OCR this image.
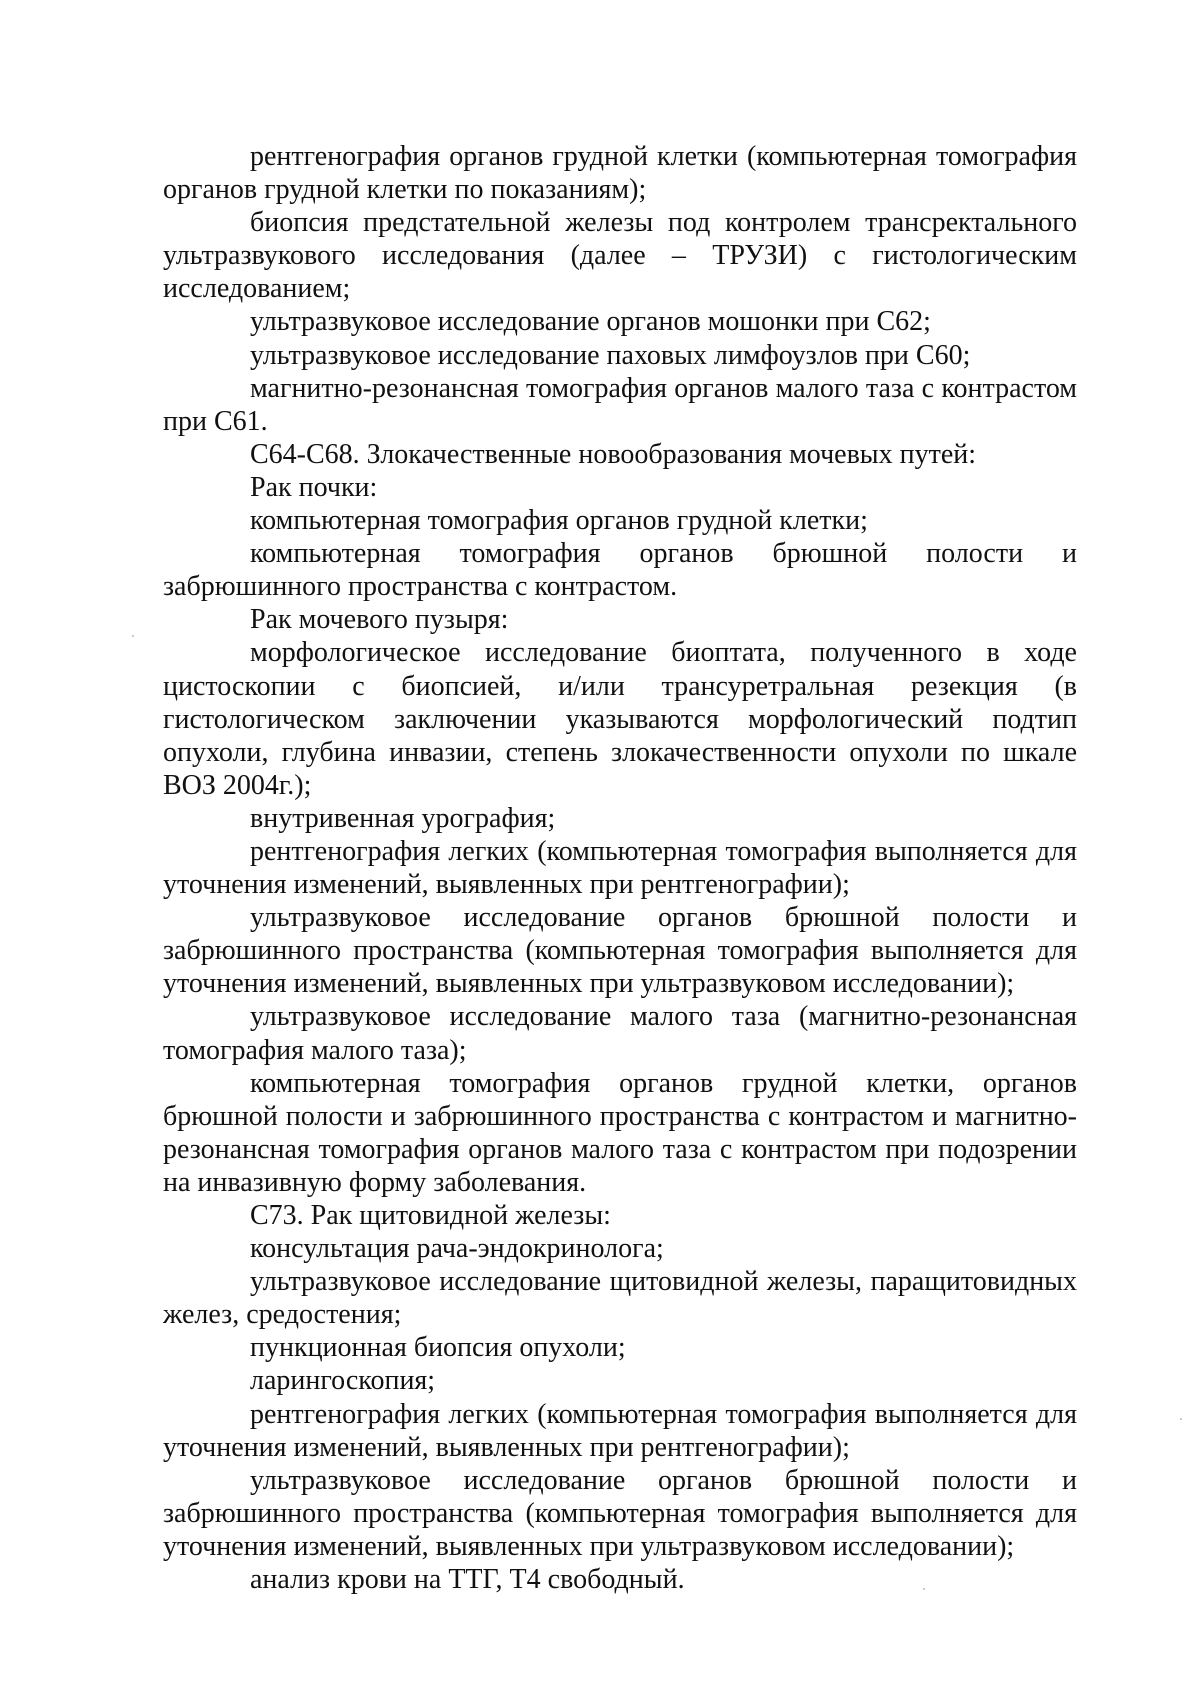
рентгенография органов грудной клетки (компьютерная томография органов грудной клетки по показаниям);

биопсия предстательной железы под контролем трансректального ультразвукового исследования (далее – ТРУЗИ) с гистологическим исследованием;

ультразвуковое исследование органов мошонки при С62;

ультразвуковое исследование паховых лимфоузлов при С60;

магнитно-резонансная томография органов малого таза с контрастом при С61.

С64-С68. Злокачественные новообразования мочевых путей:

Рак почки:

компьютерная томография органов грудной клетки;

компьютерная томография органов брюшной полости и забрюшинного пространства с контрастом.

Рак мочевого пузыря:

морфологическое исследование биоптата, полученного в ходе цистоскопии с биопсией, и/или трансуретральная резекция (в гистологическом заключении указываются морфологический подтип опухоли, глубина инвазии, степень злокачественности опухоли по шкале ВОЗ 2004г.);

внутривенная урография;

рентгенография легких (компьютерная томография выполняется для уточнения изменений, выявленных при рентгенографии);

ультразвуковое исследование органов брюшной полости и забрюшинного пространства (компьютерная томография выполняется для уточнения изменений, выявленных при ультразвуковом исследовании);

ультразвуковое исследование малого таза (магнитно-резонансная томография малого таза);

компьютерная томография органов грудной клетки, органов брюшной полости и забрюшинного пространства с контрастом и магнитно-резонансная томография органов малого таза с контрастом при подозрении на инвазивную форму заболевания.

С73. Рак щитовидной железы:

консультация рача-эндокринолога;

ультразвуковое исследование щитовидной железы, паращитовидных желез, средостения;

пункционная биопсия опухоли;

ларингоскопия;

рентгенография легких (компьютерная томография выполняется для уточнения изменений, выявленных при рентгенографии);

ультразвуковое исследование органов брюшной полости и забрюшинного пространства (компьютерная томография выполняется для уточнения изменений, выявленных при ультразвуковом исследовании);

анализ крови на ТТГ, Т4 свободный.
